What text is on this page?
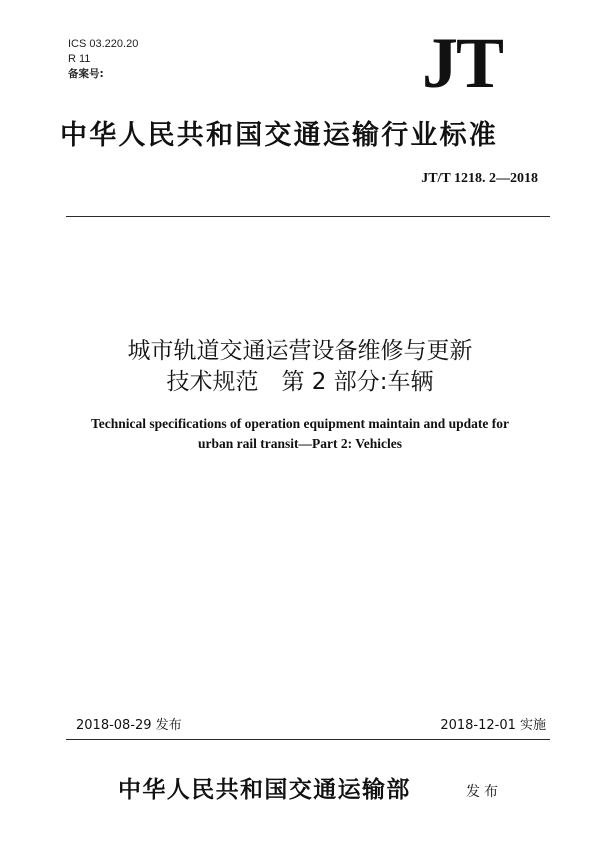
ICS 03.220.20
R 11
备案号:	JT
中华人民共和国交通运输行业标准
JT/T 1218. 2—2018
城市轨道交通运营设备维修与更新
技术规范　第 2 部分:车辆
Technical specifications of operation equipment maintain and update for
urban rail transit—Part 2: Vehicles
2018-08-29 发布	2018-12-01 实施
中华人民共和国交通运输部	发布
